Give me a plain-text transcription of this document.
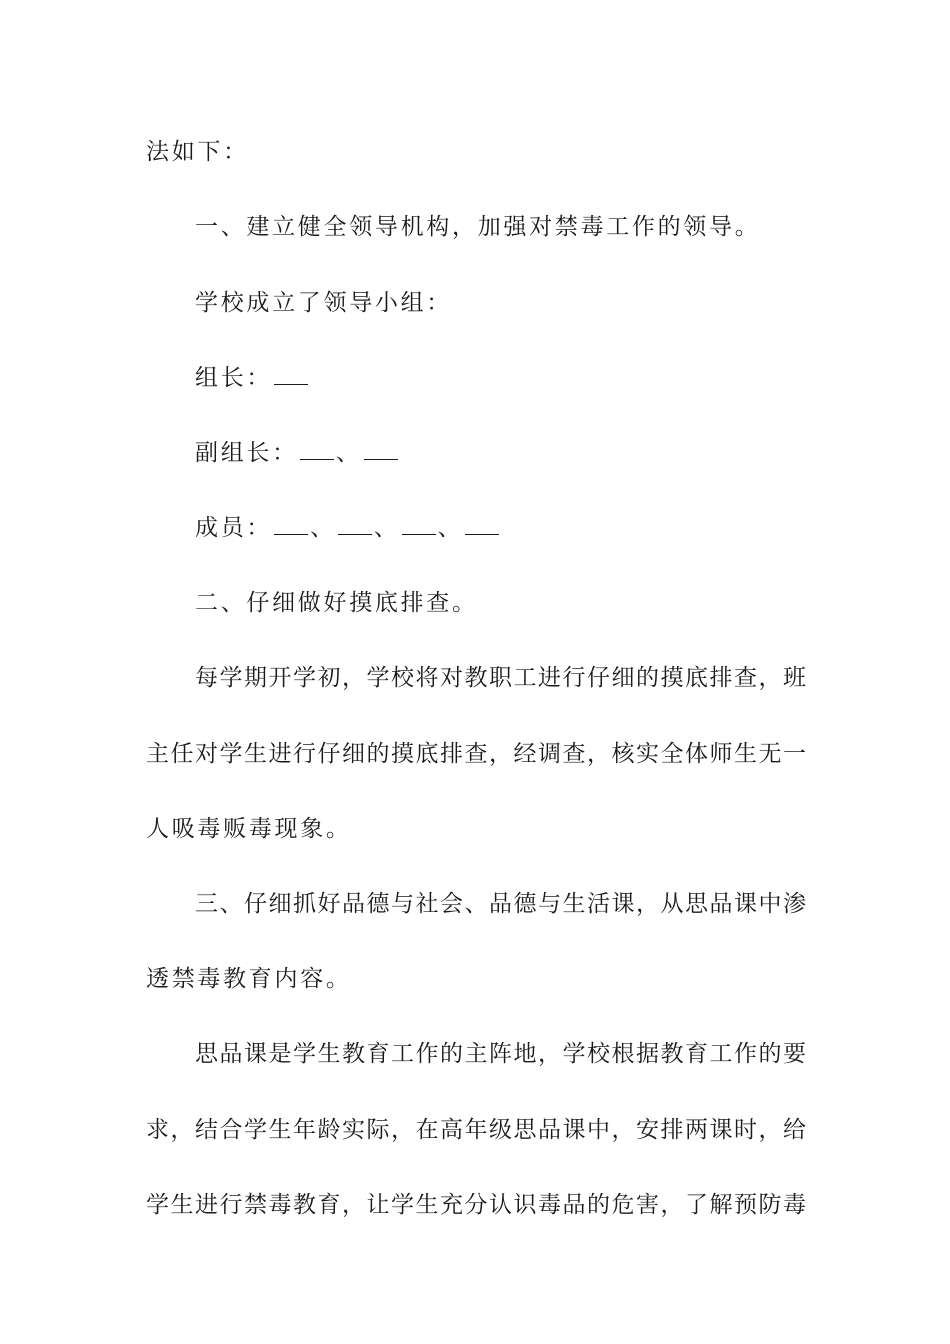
法如下：
一、建立健全领导机构，加强对禁毒工作的领导。
学校成立了领导小组：
组长：
副组长： 、
成员： 、 、 、
二、仔细做好摸底排查。
每学期开学初，学校将对教职工进行仔细的摸底排查，班
主任对学生进行仔细的摸底排查，经调查，核实全体师生无一
人吸毒贩毒现象。
三、仔细抓好品德与社会、品德与生活课，从思品课中渗
透禁毒教育内容。
思品课是学生教育工作的主阵地，学校根据教育工作的要
求，结合学生年龄实际，在高年级思品课中，安排两课时，给
学生进行禁毒教育，让学生充分认识毒品的危害，了解预防毒
